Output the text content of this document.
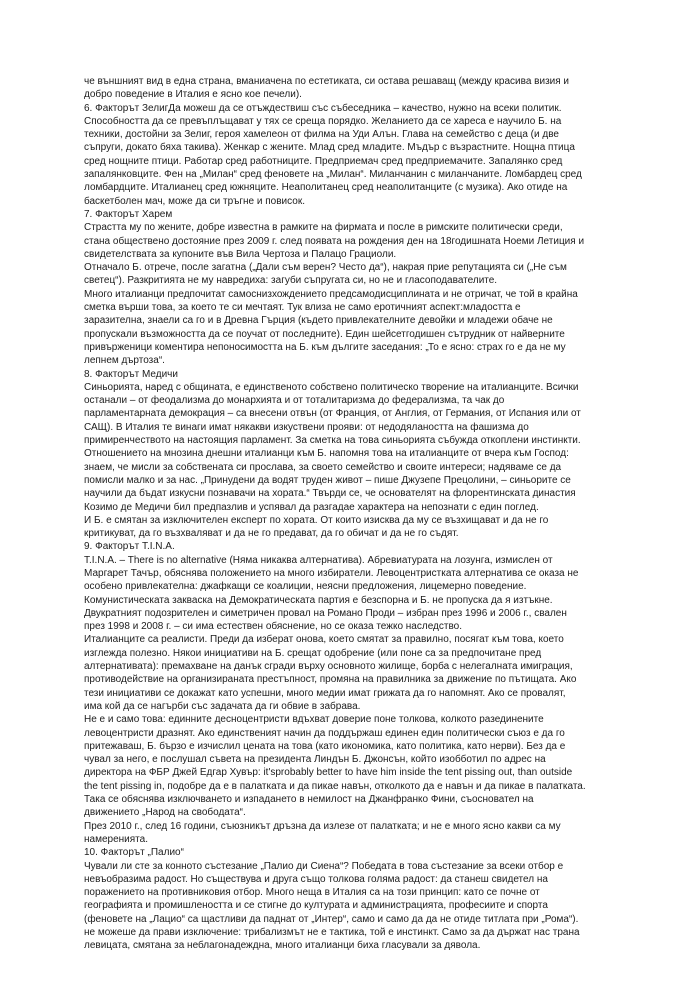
че външният вид в една страна, вманиачена по естетиката, си остава решаващ (между красива визия и
добро поведение в Италия е ясно кое печели).
6. Факторът ЗелигДа можеш да се отъждествиш със събеседника – качество, нужно на всеки политик.
Способността да се превъплъщават у тях се среща порядко. Желанието да се хареса е научило Б. на
техники, достойни за Зелиг, героя хамелеон от филма на Уди Алън. Глава на семейство с деца (и две
съпруги, докато бяха такива). Женкар с жените. Млад сред младите. Мъдър с възрастните. Нощна птица
сред нощните птици. Работар сред работниците. Предприемач сред предприемачите. Запалянко сред
запалянковците. Фен на „Милан“ сред феновете на „Милан“. Миланчанин с миланчаните. Ломбардец сред
ломбардците. Италианец сред южняците. Неаполитанец сред неаполитанците (с музика). Ако отиде на
баскетболен мач, може да си тръгне и повисок.
7. Факторът Харем
Страстта му по жените, добре известна в рамките на фирмата и после в римските политически среди,
стана обществено достояние през 2009 г. след появата на рождения ден на 18годишната Ноеми Летиция и
свидетелствата за купоните във Вила Чертоза и Палацо Грациоли.
Отначало Б. отрече, после загатна („Дали съм верен? Често да“), накрая прие репутацията си („Не съм
светец“). Разкритията не му навредиха: загуби съпругата си, но не и гласоподавателите.
Много италианци предпочитат самоснизхождението предсамодисциплината и не отричат, че той в крайна
сметка върши това, за което те си мечтаят. Тук влиза не само еротичният аспект:младостта е
заразителна, знаели са го и в Древна Гърция (където привлекателните девойки и младежи обаче не
пропускали възможността да се поучат от последните). Един шейсетгодишен сътрудник от найверните
привърженици коментира непоносимостта на Б. към дългите заседания: „То е ясно: страх го е да не му
лепнем дъртоза“.
8. Факторът Медичи
Синьорията, наред с общината, е единственото собствено политическо творение на италианците. Всички
останали – от феодализма до монархията и от тоталитаризма до федерализма, та чак до
парламентарната демокрация – са внесени отвън (от Франция, от Англия, от Германия, от Испания или от
САЩ). В Италия те винаги имат някакви изкуствени прояви: от недодялаността на фашизма до
примиренчеството на настоящия парламент. За сметка на това синьорията събужда откоплени инстинкти.
Отношението на мнозина днешни италианци към Б. напомня това на италианците от вчера към Господ:
знаем, че мисли за собствената си прослава, за своето семейство и своите интереси; надяваме се да
помисли малко и за нас. „Принудени да водят труден живот – пише Джузепе Прецолини, – синьорите се
научили да бъдат изкусни познавачи на хората.“ Твърди се, че основателят на флорентинската династия
Козимо де Медичи бил предпазлив и успявал да разгадае характера на непознати с един поглед.
И Б. е смятан за изключителен експерт по хората. От които изисква да му се възхищават и да не го
критикуват, да го възхваляват и да не го предават, да го обичат и да не го съдят.
9. Факторът T.I.N.A.
T.I.N.A. – There is no alternative (Няма никаква алтернатива). Абревиатурата на лозунга, измислен от
Маргарет Тачър, обяснява положението на много избиратели. Левоцентристката алтернатива се оказа не
особено привлекателна: джафкащи се коалиции, неясни предложения, лицемерно поведение.
Комунистическата закваска на Демократическата партия е безспорна и Б. не пропуска да я изтъкне.
Двукратният подозрителен и симетричен провал на Романо Проди – избран през 1996 и 2006 г., свален
през 1998 и 2008 г. – си има естествен обяснение, но се оказа тежко наследство.
Италианците са реалисти. Преди да изберат онова, което смятат за правилно, посягат към това, което
изглежда полезно. Някои инициативи на Б. срещат одобрение (или поне са за предпочитане пред
алтернативата): премахване на данък сгради върху основното жилище, борба с нелегалната имиграция,
противодействие на организираната престъпност, промяна на правилника за движение по пътищата. Ако
тези инициативи се докажат като успешни, много медии имат грижата да го напомнят. Ако се провалят,
има кой да се нагърби със задачата да ги обвие в забрава.
Не е и само това: единните десноцентристи вдъхват доверие поне толкова, колкото разединените
левоцентристи дразнят. Ако единственият начин да поддържаш единен един политически съюз е да го
притежаваш, Б. бързо е изчислил цената на това (като икономика, като политика, като нерви). Без да е
чувал за него, е послушал съвета на президента Линдън Б. Джонсън, който изобботил по адрес на
директора на ФБР Джей Едгар Хувър: it'sprobably better to have him inside the tent pissing out, than outside
the tent pissing in, подобре да е в палатката и да пикае навън, отколкото да е навън и да пикае в палатката.
Така се обяснява изключването и изпадането в немилост на Джанфранко Фини, съосновател на
движението „Народ на свободата“.
През 2010 г., след 16 години, съюзникът дръзна да излезе от палатката; и не е много ясно какви са му
намеренията.
10. Факторът „Палио“
Чували ли сте за конното състезание „Палио ди Сиена“? Победата в това състезание за всеки отбор е
невъобразима радост. Но съществува и друга също толкова голяма радост: да станеш свидетел на
поражението на противниковия отбор. Много неща в Италия са на този принцип: като се почне от
географията и промишлеността и се стигне до културата и администрацията, професиите и спорта
(феновете на „Лацио“ са щастливи да паднат от „Интер“, само и само да да не отиде титлата при „Рома“).
не можеше да прави изключение: трибализмът не е тактика, той е инстинкт. Само за да държат нас трана
левицата, смятана за неблагонадеждна, много италианци биха гласували за дявола.
